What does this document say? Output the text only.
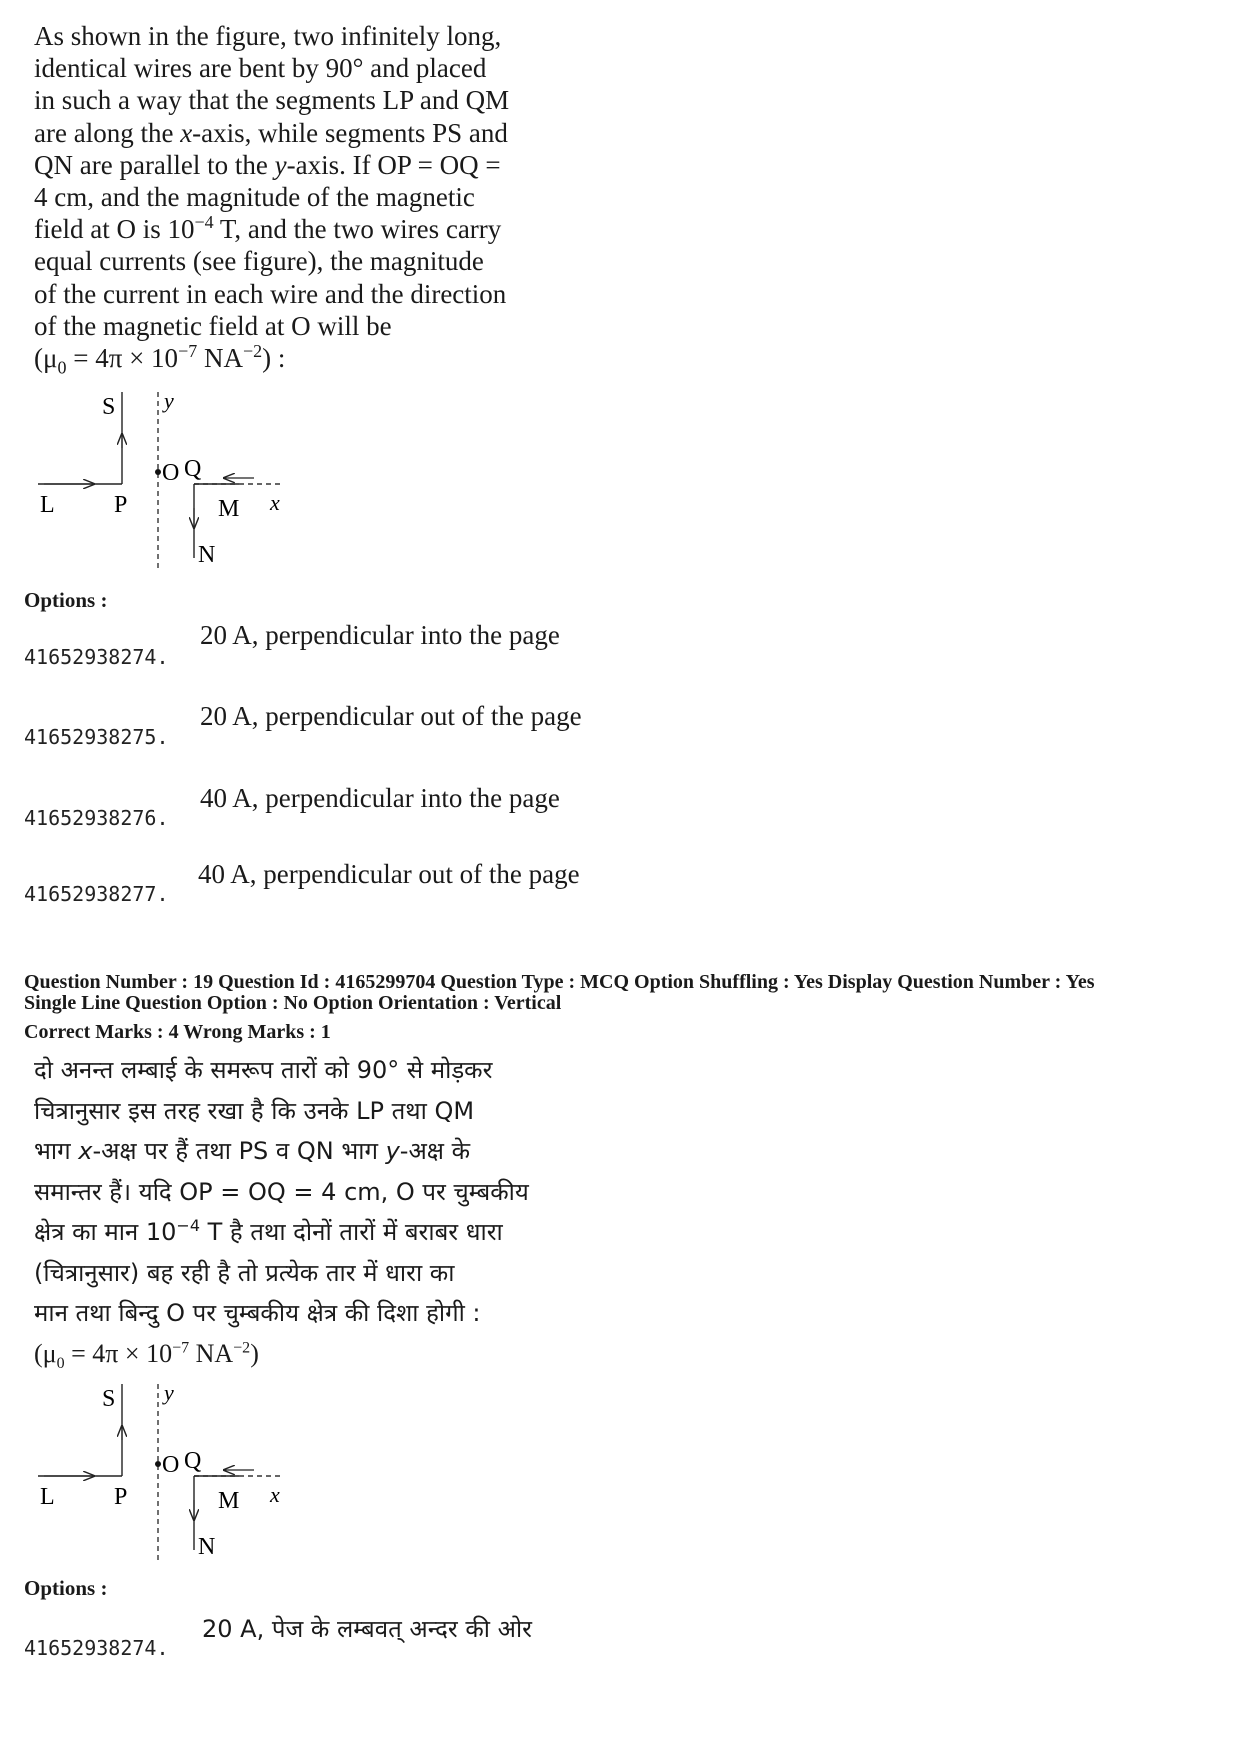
As shown in the figure, two infinitely long,
identical wires are bent by 90° and placed
in such a way that the segments LP and QM
are along the x-axis, while segments PS and
QN are parallel to the y-axis. If OP = OQ =
4 cm, and the magnitude of the magnetic
field at O is $10^{-4}$ T, and the two wires carry
equal currents (see figure), the magnitude
of the current in each wire and the direction
of the magnetic field at O will be
($\mu_0 = 4\pi \times 10^{-7}$ $NA^{-2}$) :
S y
O Q
L P	M x
N
Options :
41652938274.
20 A, perpendicular into the page
41652938275.
20 A, perpendicular out of the page
41652938276.
40 A, perpendicular into the page
41652938277.
40 A, perpendicular out of the page
Question Number : 19 Question Id : 4165299704 Question Type : MCQ Option Shuffling : Yes Display Question Number : Yes
Single Line Question Option : No Option Orientation : Vertical
Correct Marks : 4 Wrong Marks : 1
दो अनन्त लम्बाई के समरूप तारों को 90° से मोड़कर
चित्रानुसार इस तरह रखा है कि उनके LP तथा QM
भाग x-अक्ष पर हैं तथा PS व QN भाग y-अक्ष के
समान्तर हैं। यदि OP = OQ = 4 cm, O पर चुम्बकीय
क्षेत्र का मान $10^{-4}$ T है तथा दोनों तारों में बराबर धारा
(चित्रानुसार) बह रही है तो प्रत्येक तार में धारा का
मान तथा बिन्दु O पर चुम्बकीय क्षेत्र की दिशा होगी :
($\mu_0 = 4\pi \times 10^{-7}$ $NA^{-2}$)
S y
O Q
L P	M x
N
Options :
41652938274.
20 A, पेज के लम्बवत् अन्दर की ओर
